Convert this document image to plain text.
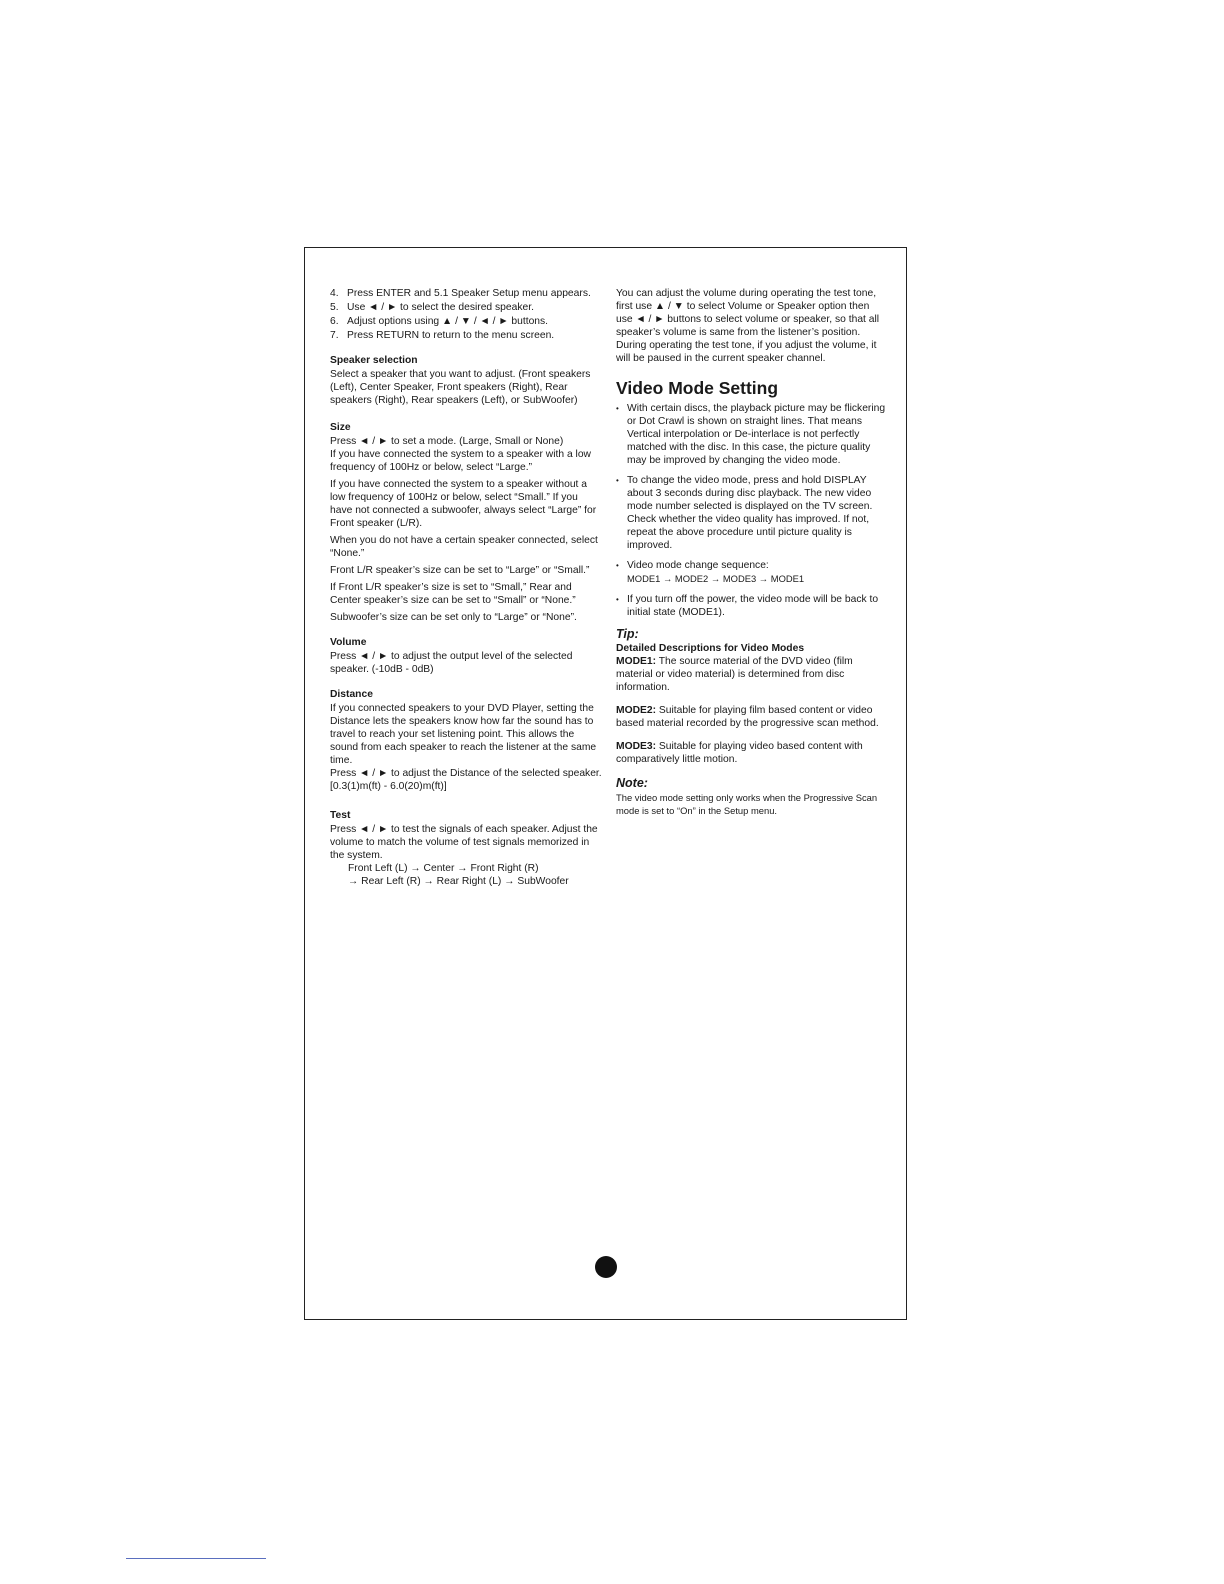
4. Press ENTER and 5.1 Speaker Setup menu appears.
5. Use ◄ / ► to select the desired speaker.
6. Adjust options using ▲ / ▼ / ◄ / ► buttons.
7. Press RETURN to return to the menu screen.

Speaker selection

Select a speaker that you want to adjust. (Front speakers (Left), Center Speaker, Front speakers (Right), Rear speakers (Right), Rear speakers (Left), or SubWoofer)

Size

Press ◄ / ► to set a mode. (Large, Small or None)

If you have connected the system to a speaker with a low frequency of 100Hz or below, select “Large.”

If you have connected the system to a speaker without a low frequency of 100Hz or below, select “Small.” If you have not connected a subwoofer, always select “Large” for Front speaker (L/R).

When you do not have a certain speaker connected, select “None.”

Front L/R speaker’s size can be set to “Large” or “Small.”

If Front L/R speaker’s size is set to “Small,” Rear and Center speaker’s size can be set to “Small” or “None.”

Subwoofer’s size can be set only to “Large” or “None”.

Volume

Press ◄ / ► to adjust the output level of the selected speaker. (-10dB - 0dB)

Distance

If you connected speakers to your DVD Player, setting the Distance lets the speakers know how far the sound has to travel to reach your set listening point. This allows the sound from each speaker to reach the listener at the same time.

Press ◄ / ► to adjust the Distance of the selected speaker.

[0.3(1)m(ft) - 6.0(20)m(ft)]

Test

Press ◄ / ► to test the signals of each speaker. Adjust the volume to match the volume of test signals memorized in the system.

Front Left (L) → Center → Front Right (R)

→ Rear Left (R) → Rear Right (L) → SubWoofer

You can adjust the volume during operating the test tone, first use ▲ / ▼ to select Volume or Speaker option then use ◄ / ► buttons to select volume or speaker, so that all speaker’s volume is same from the listener’s position.

During operating the test tone, if you adjust the volume, it will be paused in the current speaker channel.

Video Mode Setting

• With certain discs, the playback picture may be flickering or Dot Crawl is shown on straight lines. That means Vertical interpolation or De-interlace is not perfectly matched with the disc. In this case, the picture quality may be improved by changing the video mode.
• To change the video mode, press and hold DISPLAY about 3 seconds during disc playback. The new video mode number selected is displayed on the TV screen. Check whether the video quality has improved. If not, repeat the above procedure until picture quality is improved.
• Video mode change sequence:
MODE1 → MODE2 → MODE3 → MODE1
• If you turn off the power, the video mode will be back to initial state (MODE1).

Tip:

Detailed Descriptions for Video Modes

MODE1: The source material of the DVD video (film material or video material) is determined from disc information.

MODE2: Suitable for playing film based content or video based material recorded by the progressive scan method.

MODE3: Suitable for playing video based content with comparatively little motion.

Note:

The video mode setting only works when the Progressive Scan mode is set to “On” in the Setup menu.
